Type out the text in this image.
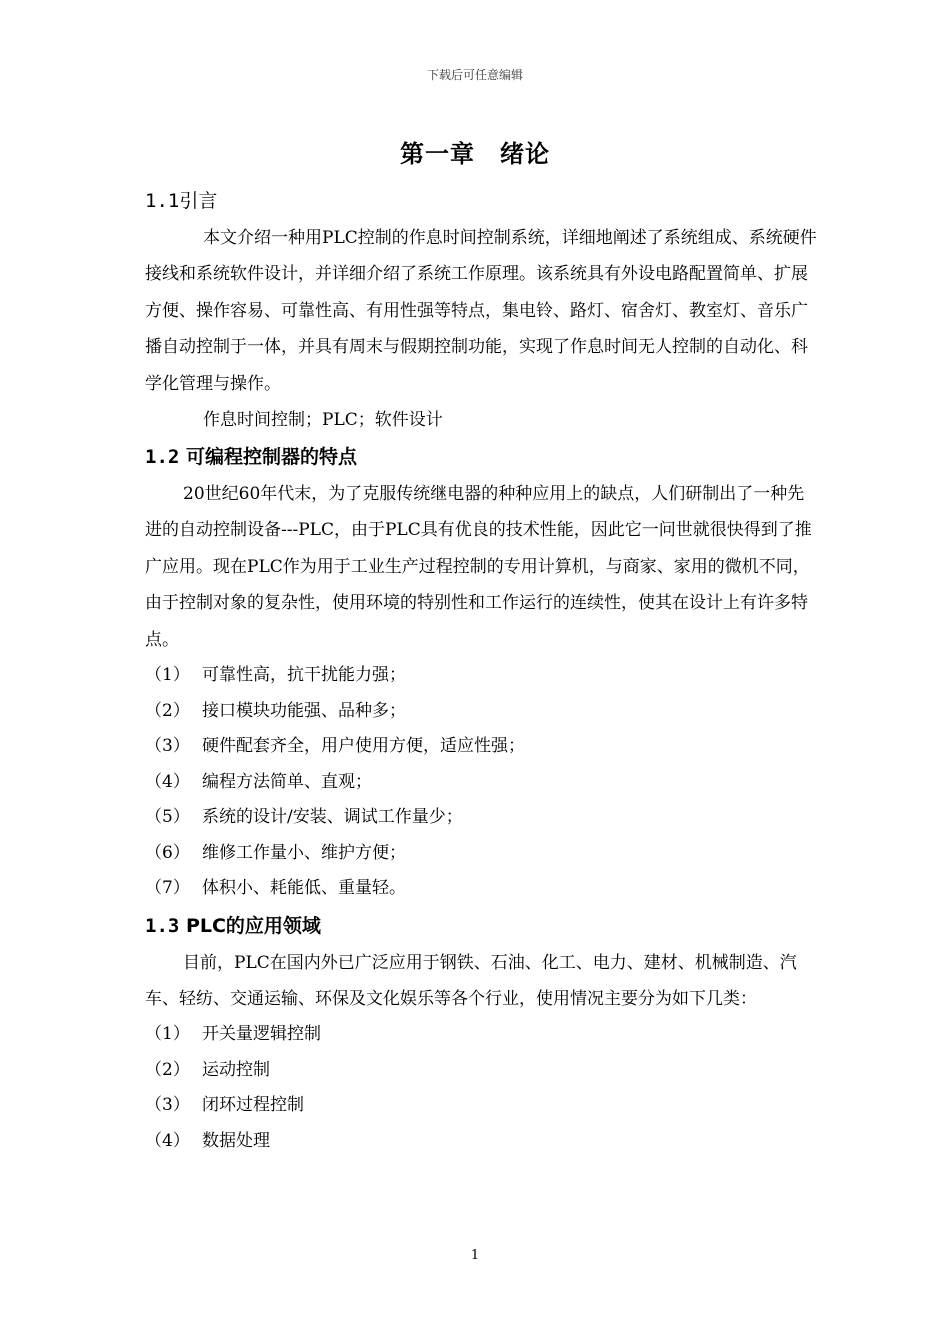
下载后可任意编辑
第一章　绪论
1.1引言

本文介绍一种用PLC控制的作息时间控制系统，详细地阐述了系统组成、系统硬件接线和系统软件设计，并详细介绍了系统工作原理。该系统具有外设电路配置简单、扩展方便、操作容易、可靠性高、有用性强等特点，集电铃、路灯、宿舍灯、教室灯、音乐广播自动控制于一体，并具有周末与假期控制功能，实现了作息时间无人控制的自动化、科学化管理与操作。

作息时间控制；PLC；软件设计
1.2 可编程控制器的特点

20世纪60年代末，为了克服传统继电器的种种应用上的缺点，人们研制出了一种先进的自动控制设备---PLC，由于PLC具有优良的技术性能，因此它一问世就很快得到了推广应用。现在PLC作为用于工业生产过程控制的专用计算机，与商家、家用的微机不同，由于控制对象的复杂性，使用环境的特别性和工作运行的连续性，使其在设计上有许多特点。

（1） 可靠性高，抗干扰能力强；
（2） 接口模块功能强、品种多；
（3） 硬件配套齐全，用户使用方便，适应性强；
（4） 编程方法简单、直观；
（5） 系统的设计/安装、调试工作量少；
（6） 维修工作量小、维护方便；
（7） 体积小、耗能低、重量轻。
1.3 PLC的应用领域

目前，PLC在国内外已广泛应用于钢铁、石油、化工、电力、建材、机械制造、汽车、轻纺、交通运输、环保及文化娱乐等各个行业，使用情况主要分为如下几类：

（1） 开关量逻辑控制
（2） 运动控制
（3） 闭环过程控制
（4） 数据处理
1
